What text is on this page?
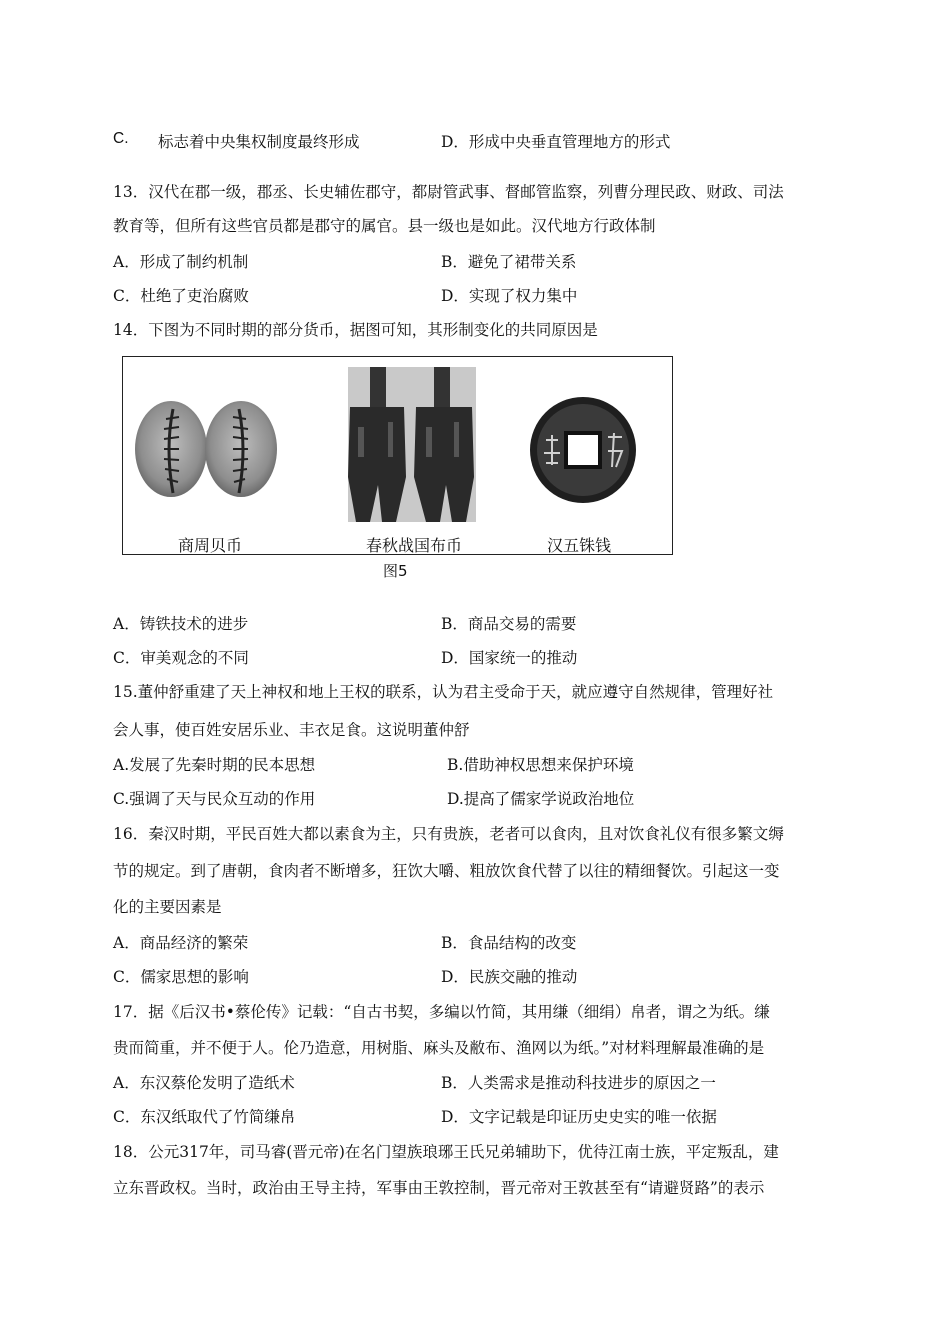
C. 标志着中央集权制度最终形成	D．形成中央垂直管理地方的形式
13．汉代在郡一级，郡丞、长史辅佐郡守，都尉管武事、督邮管监察，列曹分理民政、财政、司法
教育等，但所有这些官员都是郡守的属官。县一级也是如此。汉代地方行政体制
A．形成了制约机制	B．避免了裙带关系
C．杜绝了吏治腐败	D．实现了权力集中
14．下图为不同时期的部分货币，据图可知，其形制变化的共同原因是
商周贝币	春秋战国布币	汉五铢钱
图5
A．铸铁技术的进步	B．商品交易的需要
C．审美观念的不同	D．国家统一的推动
15.董仲舒重建了天上神权和地上王权的联系，认为君主受命于天，就应遵守自然规律，管理好社
会人事，使百姓安居乐业、丰衣足食。这说明董仲舒
A.发展了先秦时期的民本思想	B.借助神权思想来保护环境
C.强调了天与民众互动的作用	D.提高了儒家学说政治地位
16．秦汉时期，平民百姓大都以素食为主，只有贵族，老者可以食肉，且对饮食礼仪有很多繁文缛
节的规定。到了唐朝，食肉者不断增多，狂饮大嚼、粗放饮食代替了以往的精细餐饮。引起这一变
化的主要因素是
A．商品经济的繁荣	B．食品结构的改变
C．儒家思想的影响	D．民族交融的推动
17．据《后汉书•蔡伦传》记载：“自古书契，多编以竹简，其用缣（细绢）帛者，谓之为纸。缣
贵而简重，并不便于人。伦乃造意，用树脂、麻头及敝布、渔网以为纸。”对材料理解最准确的是
A．东汉蔡伦发明了造纸术	B．人类需求是推动科技进步的原因之一
C．东汉纸取代了竹简缣帛	D．文字记载是印证历史史实的唯一依据
18．公元317年，司马睿(晋元帝)在名门望族琅琊王氏兄弟辅助下，优待江南士族，平定叛乱，建
立东晋政权。当时，政治由王导主持，军事由王敦控制，晋元帝对王敦甚至有“请避贤路”的表示
